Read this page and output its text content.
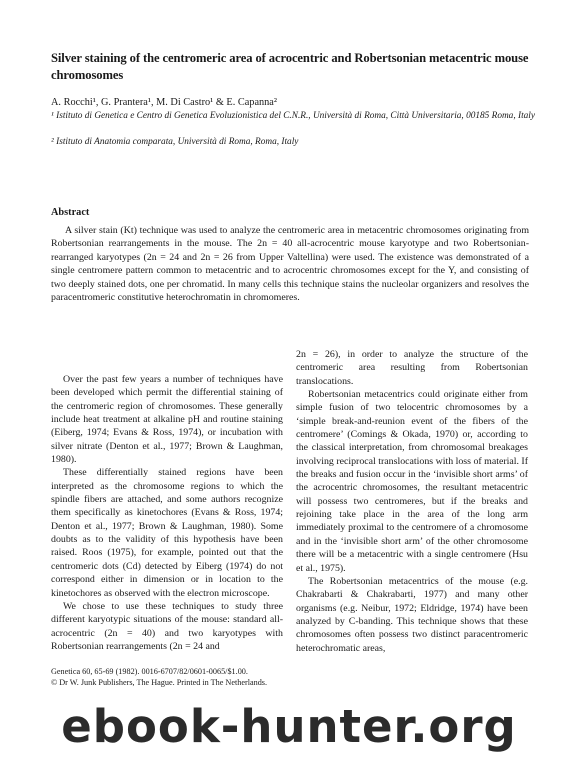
Silver staining of the centromeric area of acrocentric and Robertsonian metacentric mouse chromosomes
A. Rocchi¹, G. Prantera¹, M. Di Castro¹ & E. Capanna²
¹ Istituto di Genetica e Centro di Genetica Evoluzionistica del C.N.R., Università di Roma, Città Universitaria, 00185 Roma, Italy
² Istituto di Anatomia comparata, Università di Roma, Roma, Italy
Abstract

A silver stain (Kt) technique was used to analyze the centromeric area in metacentric chromosomes originating from Robertsonian rearrangements in the mouse. The 2n = 40 all-acrocentric mouse karyotype and two Robertsonian-rearranged karyotypes (2n = 24 and 2n = 26 from Upper Valtellina) were used. The existence was demonstrated of a single centromere pattern common to metacentric and to acrocentric chromosomes except for the Y, and consisting of two deeply stained dots, one per chromatid. In many cells this technique stains the nucleolar organizers and resolves the paracentromeric constitutive heterochromatin in chromomeres.

Over the past few years a number of techniques have been developed which permit the differential staining of the centromeric region of chromosomes. These generally include heat treatment at alkaline pH and routine staining (Eiberg, 1974; Evans & Ross, 1974), or incubation with silver nitrate (Denton et al., 1977; Brown & Laughman, 1980).

These differentially stained regions have been interpreted as the chromosome regions to which the spindle fibers are attached, and some authors recognize them specifically as kinetochores (Evans & Ross, 1974; Denton et al., 1977; Brown & Laughman, 1980). Some doubts as to the validity of this hypothesis have been raised. Roos (1975), for example, pointed out that the centromeric dots (Cd) detected by Eiberg (1974) do not correspond either in dimension or in location to the kinetochores as observed with the electron microscope.

We chose to use these techniques to study three different karyotypic situations of the mouse: standard all-acrocentric (2n = 40) and two karyotypes with Robertsonian rearrangements (2n = 24 and

2n = 26), in order to analyze the structure of the centromeric area resulting from Robertsonian translocations.

Robertsonian metacentrics could originate either from simple fusion of two telocentric chromosomes by a ‘simple break-and-reunion event of the fibers of the centromere’ (Comings & Okada, 1970) or, according to the classical interpretation, from chromosomal breakages involving reciprocal translocations with loss of material. If the breaks and fusion occur in the ‘invisible short arms’ of the acrocentric chromosomes, the resultant metacentric will possess two centromeres, but if the breaks and rejoining take place in the area of the long arm immediately proximal to the centromere of a chromosome and in the ‘invisible short arm’ of the other chromosome there will be a metacentric with a single centromere (Hsu et al., 1975).

The Robertsonian metacentrics of the mouse (e.g. Chakrabarti & Chakrabarti, 1977) and many other organisms (e.g. Neibur, 1972; Eldridge, 1974) have been analyzed by C-banding. This technique shows that these chromosomes often possess two distinct paracentromeric heterochromatic areas,

Genetica 60, 65-69 (1982). 0016-6707/82/0601-0065/$1.00.
© Dr W. Junk Publishers, The Hague. Printed in The Netherlands.
ebook-hunter.org
